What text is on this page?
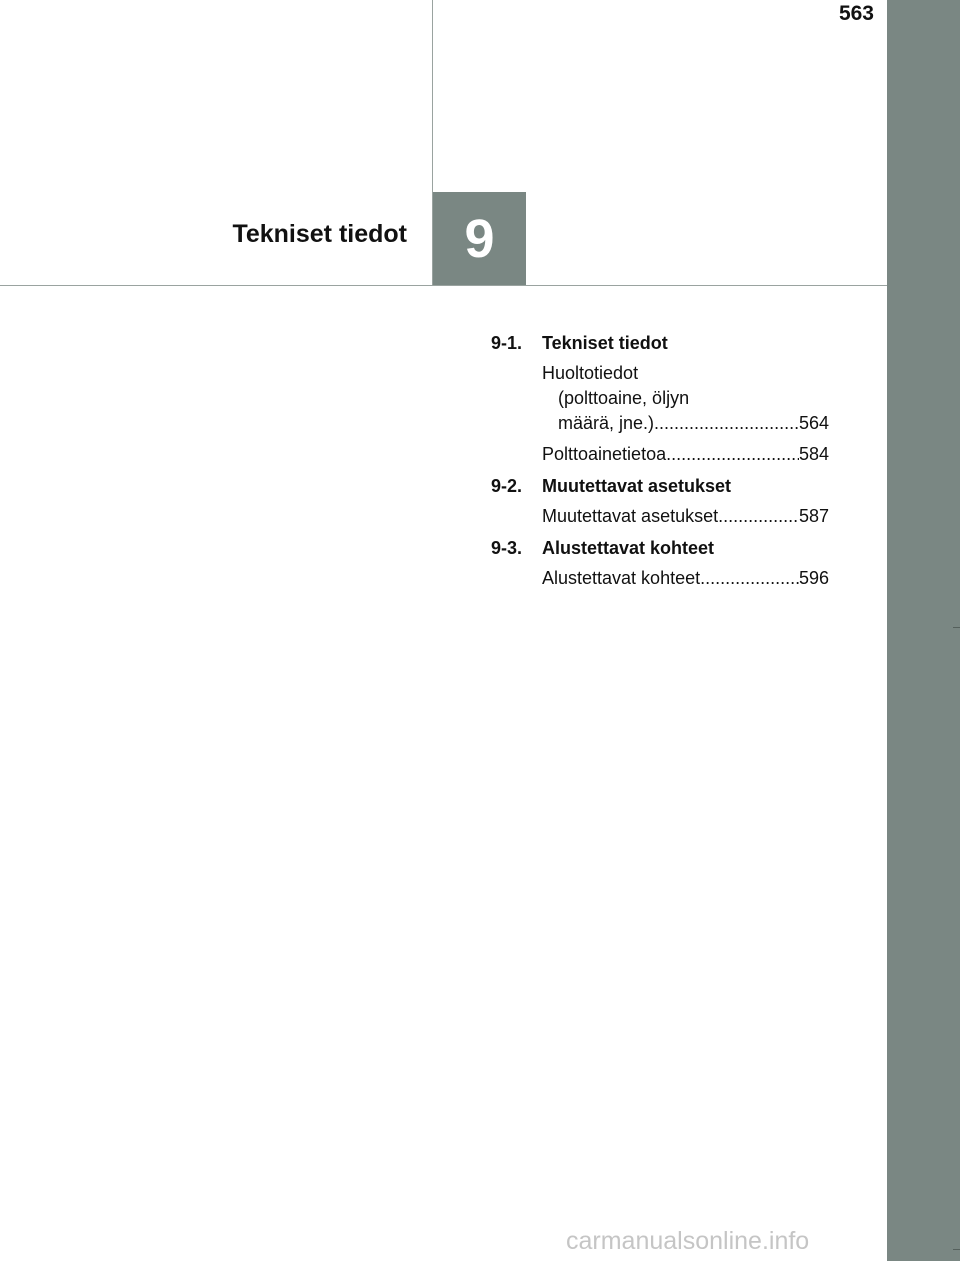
563
Tekniset tiedot 9
9-1.	Tekniset tiedot
Huoltotiedot
(polttoaine, öljyn
määrä, jne.) .....	564
Polttoainetietoa .....	584
9-2.	Muutettavat asetukset
Muutettavat asetukset .....	587
9-3.	Alustettavat kohteet
Alustettavat kohteet .....	596
carmanualsonline.info
